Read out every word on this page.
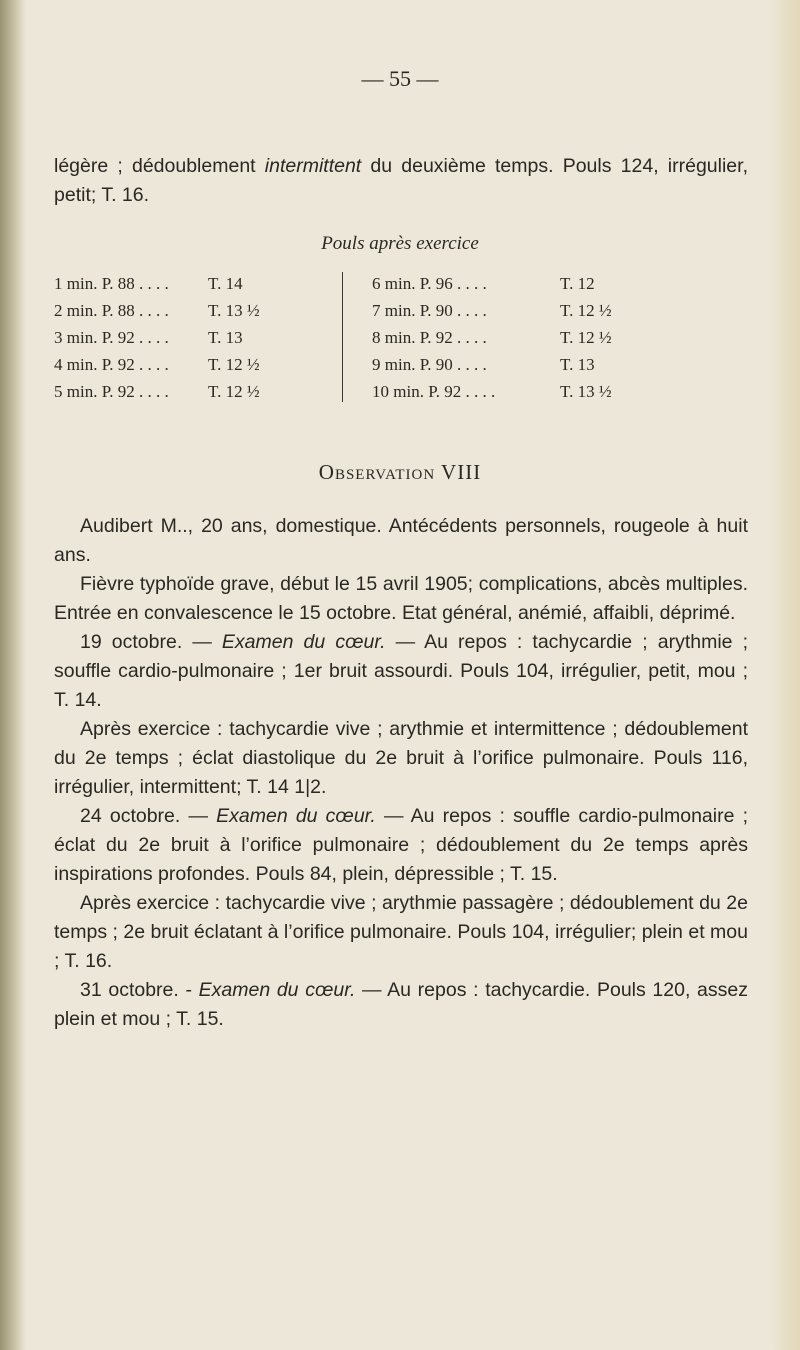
— 55 —

légère ; dédoublement intermittent du deuxième temps. Pouls 124, irrégulier, petit; T. 16.

Pouls après exercice
1 min. P. 88 . . . . T. 14
2 min. P. 88 . . . . T. 13 ½
3 min. P. 92 . . . . T. 13
4 min. P. 92 . . . . T. 12 ½
5 min. P. 92 . . . . T. 12 ½
6 min. P. 96 . . . .	T. 12
7 min. P. 90 . . . .	T. 12 ½
8 min. P. 92 . . . .	T. 12 ½
9 min. P. 90 . . . .	T. 13
10 min. P. 92 . . . .	T. 13 ½
Observation VIII

Audibert M.., 20 ans, domestique. Antécédents personnels, rougeole à huit ans.

Fièvre typhoïde grave, début le 15 avril 1905; complications, abcès multiples. Entrée en convalescence le 15 octobre. Etat général, anémié, affaibli, déprimé.

19 octobre. — Examen du cœur. — Au repos : tachycardie ; arythmie ; souffle cardio-pulmonaire ; 1er bruit assourdi. Pouls 104, irrégulier, petit, mou ; T. 14.

Après exercice : tachycardie vive ; arythmie et intermittence ; dédoublement du 2e temps ; éclat diastolique du 2e bruit à l’orifice pulmonaire. Pouls 116, irrégulier, intermittent; T. 14 1|2.

24 octobre. — Examen du cœur. — Au repos : souffle cardio-pulmonaire ; éclat du 2e bruit à l’orifice pulmonaire ; dédoublement du 2e temps après inspirations profondes. Pouls 84, plein, dépressible ; T. 15.

Après exercice : tachycardie vive ; arythmie passagère ; dédoublement du 2e temps ; 2e bruit éclatant à l’orifice pulmonaire. Pouls 104, irrégulier; plein et mou ; T. 16.

31 octobre. - Examen du cœur. — Au repos : tachycardie. Pouls 120, assez plein et mou ; T. 15.
